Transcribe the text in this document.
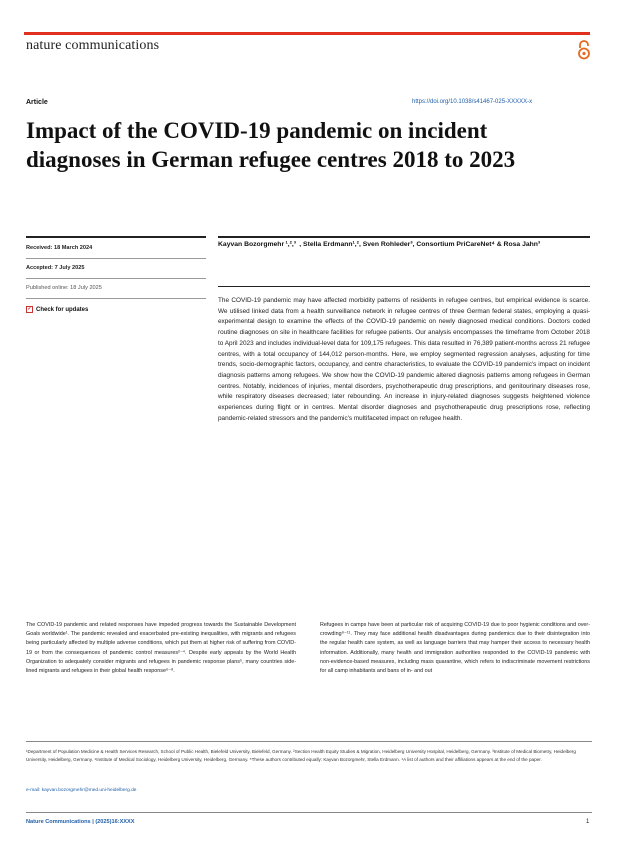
nature communications
Article	https://doi.org/10.1038/s41467-025-XXXXX-x
Impact of the COVID-19 pandemic on incident diagnoses in German refugee centres 2018 to 2023
Received: 18 March 2024
Accepted: 7 July 2025
Published online: 18 July 2025
✓ Check for updates
Kayvan Bozorgmehr ¹,²,³  , Stella Erdmann¹,², Sven Rohleder³, Consortium PriCareNet⁴ & Rosa Jahn³

The COVID-19 pandemic may have affected morbidity patterns of residents in refugee centres, but empirical evidence is scarce. We utilised linked data from a health surveillance network in refugee centres of three German federal states, employing a quasi-experimental design to examine the effects of the COVID-19 pandemic on newly diagnosed medical conditions. Doctors coded routine diagnoses on site in healthcare facilities for refugee patients. Our analysis encompasses the timeframe from October 2018 to April 2023 and includes individual-level data for 109,175 refugees. This data resulted in 76,389 patient-months across 21 refugee centres, with a total occupancy of 144,012 person-months. Here, we employ segmented regression analyses, adjusting for time trends, socio-demographic factors, occupancy, and centre characteristics, to evaluate the COVID-19 pandemic's impact on incident diagnosis patterns among refugees. We show how the COVID-19 pandemic altered diagnosis patterns among refugees in German centres. Notably, incidences of injuries, mental disorders, psychotherapeutic drug prescriptions, and genitourinary diseases rose, while respiratory diseases decreased; later rebounding. An increase in injury-related diagnoses suggests heightened violence experiences during flight or in centres. Mental disorder diagnoses and psychotherapeutic drug prescriptions rose, reflecting pandemic-related stressors and the pandemic's multifaceted impact on refugee health.

The COVID-19 pandemic and related responses have impeded progress towards the Sustainable Development Goals worldwide¹. The pandemic revealed and exacerbated pre-existing inequalities, with migrants and refugees being particularly affected by multiple adverse conditions, which put them at higher risk of suffering from COVID-19 or from the consequences of pandemic control measures²⁻⁴. Despite early appeals by the World Health Organization to adequately consider migrants and refugees in pandemic response plans⁵, many countries side-lined migrants and refugees in their global health response⁶⁻⁸.

Refugees in camps have been at particular risk of acquiring COVID-19 due to poor hygienic conditions and over-crowding⁹⁻¹¹. They may face additional health disadvantages during pandemics due to their disintegration into the regular health care system, as well as language barriers that may hamper their access to necessary health information. Additionally, many health and immigration authorities responded to the COVID-19 pandemic with non-evidence-based measures, including mass quarantine, which refers to indiscriminate movement restrictions for all camp inhabitants and bans of in- and out

¹Department of Population Medicine & Health Services Research, School of Public Health, Bielefeld University, Bielefeld, Germany. ²Section Health Equity Studies & Migration, Heidelberg University Hospital, Heidelberg, Germany. ³Institute of Medical Biometry, Heidelberg University, Heidelberg, Germany. ⁴Institute of Medical Sociology, Heidelberg University, Heidelberg, Germany. ⁵These authors contributed equally: Kayvan Bozorgmehr, Stella Erdmann. ⁴A list of authors and their affiliations appears at the end of the paper.

e-mail: kayvan.bozorgmehr@med.uni-heidelberg.de
Nature Communications | (2025)16:XXXX	1
